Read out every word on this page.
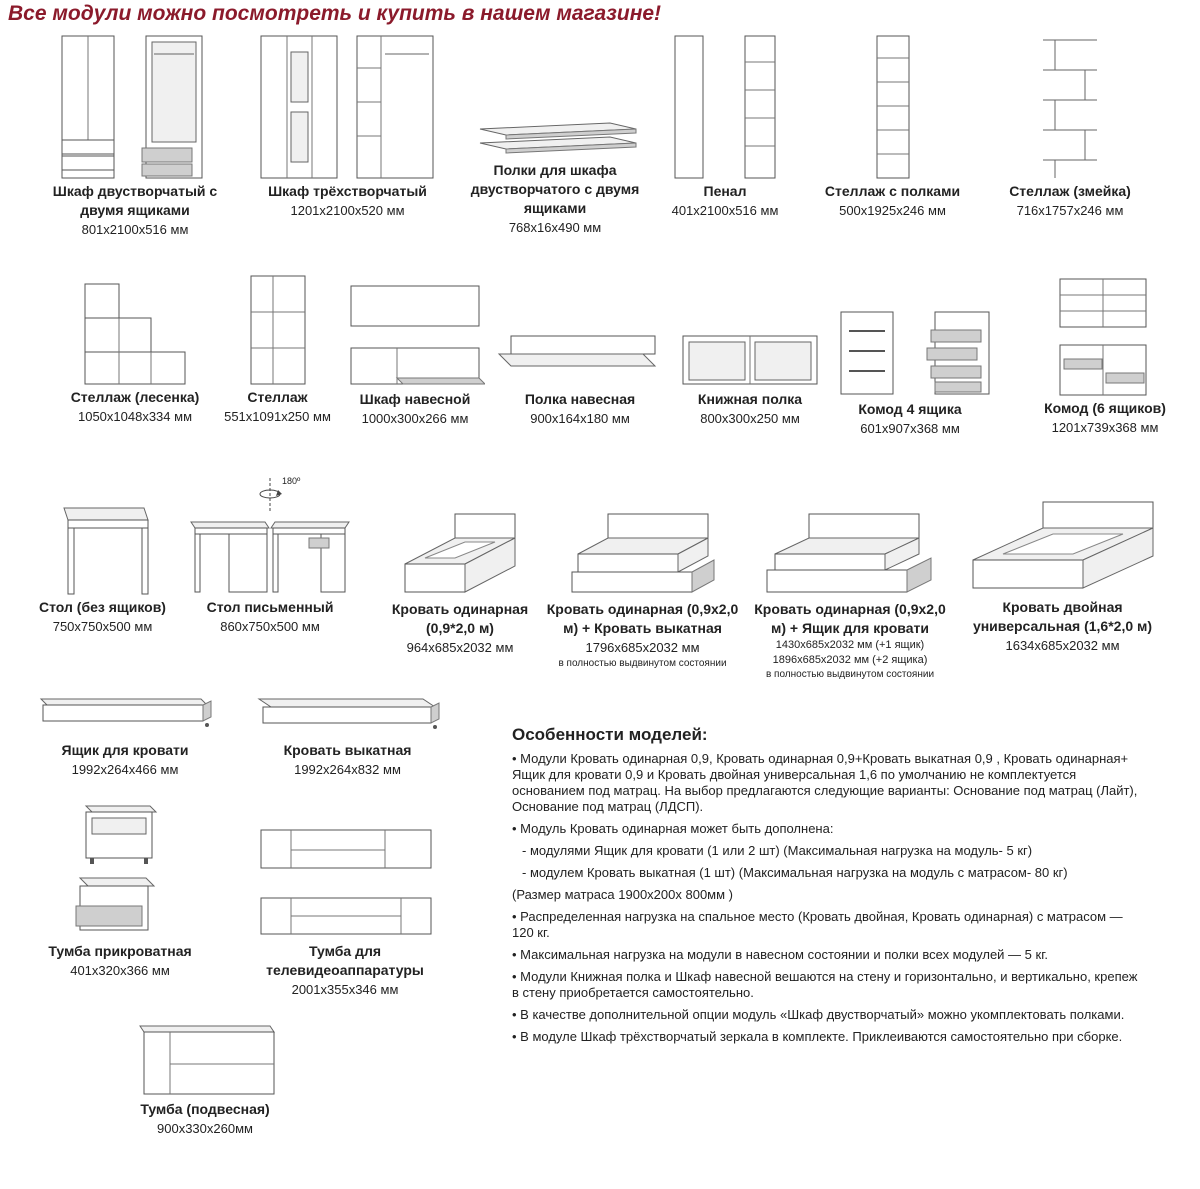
Все модули можно посмотреть и купить в нашем магазине!
Шкаф двустворчатый с двумя ящиками
801х2100х516 мм
Шкаф трёхстворчатый
1201х2100х520 мм
Полки для шкафа двустворчатого с двумя ящиками
768х16х490 мм
Пенал
401х2100х516 мм
Стеллаж с полками
500х1925х246 мм
Стеллаж (змейка)
716х1757х246 мм
Стеллаж (лесенка)
1050х1048х334 мм
Стеллаж
551х1091х250 мм
Шкаф навесной
1000х300х266 мм
Полка навесная
900х164х180 мм
Книжная полка
800х300х250 мм
Комод 4 ящика
601х907х368 мм
Комод (6 ящиков)
1201х739х368 мм
Стол (без ящиков)
750х750х500 мм
180º
Стол письменный
860х750х500 мм
Кровать одинарная (0,9*2,0 м)
964х685х2032 мм
Кровать одинарная (0,9х2,0 м) + Кровать выкатная
1796х685х2032 мм
в полностью выдвинутом состоянии
Кровать одинарная (0,9х2,0 м) + Ящик для кровати
1430х685х2032 мм (+1 ящик)
1896х685х2032 мм (+2 ящика)
в полностью выдвинутом состоянии
Кровать двойная универсальная (1,6*2,0 м)
1634х685х2032 мм
Ящик для кровати
1992х264х466 мм
Кровать выкатная
1992х264х832 мм
Тумба прикроватная
401х320х366 мм
Тумба для телевидеоаппаратуры
2001х355х346 мм
Тумба (подвесная)
900х330х260мм
Особенности моделей:

• Модули Кровать одинарная 0,9, Кровать одинарная 0,9+Кровать выкатная 0,9 , Кровать одинарная+ Ящик для кровати 0,9 и Кровать двойная универсальная 1,6 по умолчанию не комплектуется основанием под матрац. На выбор предлагаются следующие варианты: Основание под матрац (Лайт), Основание под матрац (ЛДСП).

• Модуль Кровать одинарная может быть дополнена:

- модулями Ящик для кровати (1 или 2 шт) (Максимальная нагрузка на модуль- 5 кг)

- модулем Кровать выкатная (1 шт) (Максимальная нагрузка на модуль с матрасом- 80 кг)

(Размер матраса 1900х200х 800мм )

• Распределенная нагрузка на спальное место (Кровать двойная, Кровать одинарная) с матрасом — 120 кг.

• Максимальная нагрузка на модули в навесном состоянии и полки всех модулей — 5 кг.

• Модули Книжная полка и Шкаф навесной вешаются на стену и горизонтально, и вертикально, крепеж в стену приобретается самостоятельно.

• В качестве дополнительной опции модуль «Шкаф двустворчатый» можно укомплектовать полками.

• В модуле Шкаф трёхстворчатый зеркала в комплекте. Приклеиваются самостоятельно при сборке.
